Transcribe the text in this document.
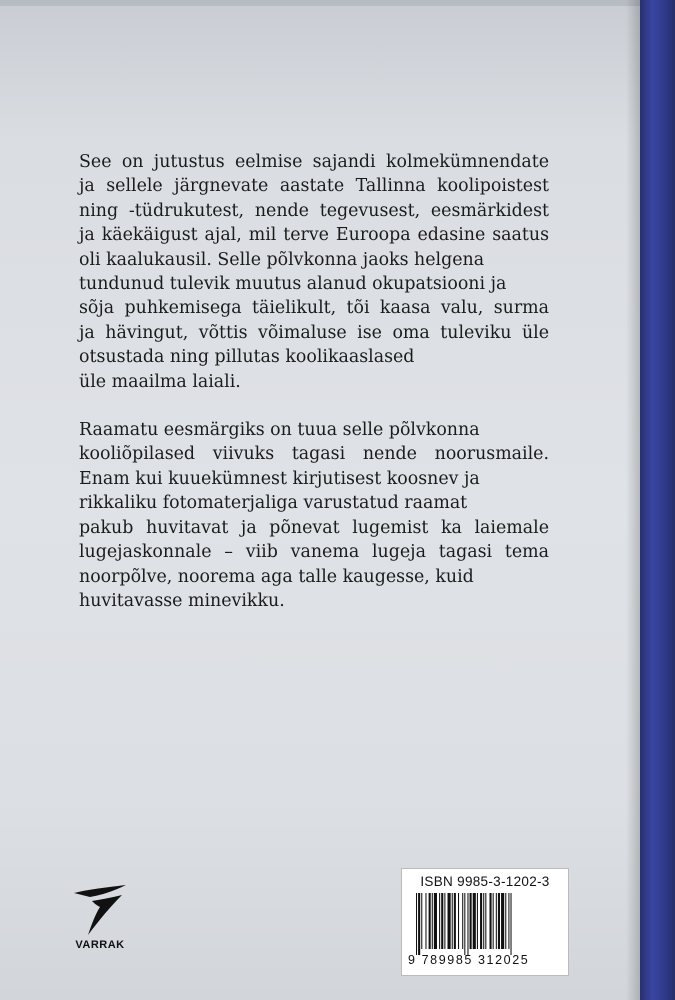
See on jutustus eelmise sajandi kolmekümnendate
ja sellele järgnevate aastate Tallinna koolipoistest
ning -tüdrukutest, nende tegevusest, eesmärkidest
ja käekäigust ajal, mil terve Euroopa edasine saatus
oli kaalukausil. Selle põlvkonna jaoks helgena
tundunud tulevik muutus alanud okupatsiooni ja
sõja puhkemisega täielikult, tõi kaasa valu, surma
ja hävingut, võttis võimaluse ise oma tuleviku üle
otsustada ning pillutas koolikaaslased
üle maailma laiali.

Raamatu eesmärgiks on tuua selle põlvkonna
kooliõpilased viivuks tagasi nende noorusmaile.
Enam kui kuuekümnest kirjutisest koosnev ja
rikkaliku fotomaterjaliga varustatud raamat
pakub huvitavat ja põnevat lugemist ka laiemale
lugejaskonnale – viib vanema lugeja tagasi tema
noorpõlve, noorema aga talle kaugesse, kuid
huvitavasse minevikku.

VARRAK
ISBN 9985-3-1202-3
9 789985 312025
